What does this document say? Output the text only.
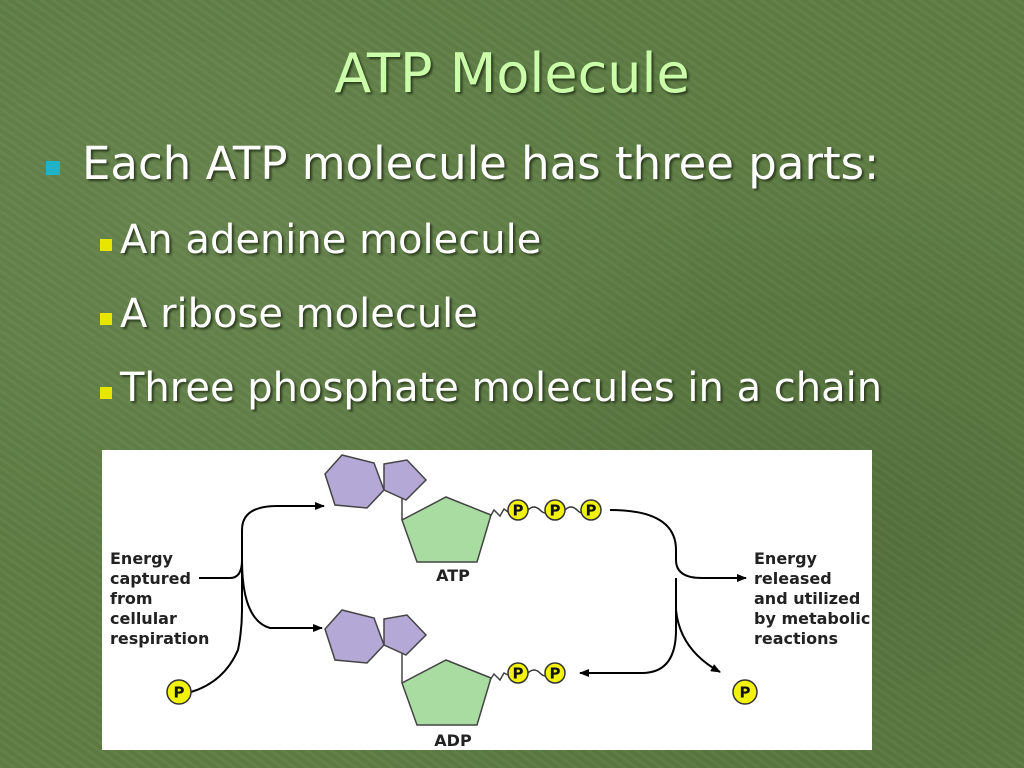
ATP Molecule
Each ATP molecule has three parts:
An adenine molecule
A ribose molecule
Three phosphate molecules in a chain
P P P
ATP
P P
ADP
P	P
Energy
captured
from
cellular
respiration
Energy
released
and utilized
by metabolic
reactions
